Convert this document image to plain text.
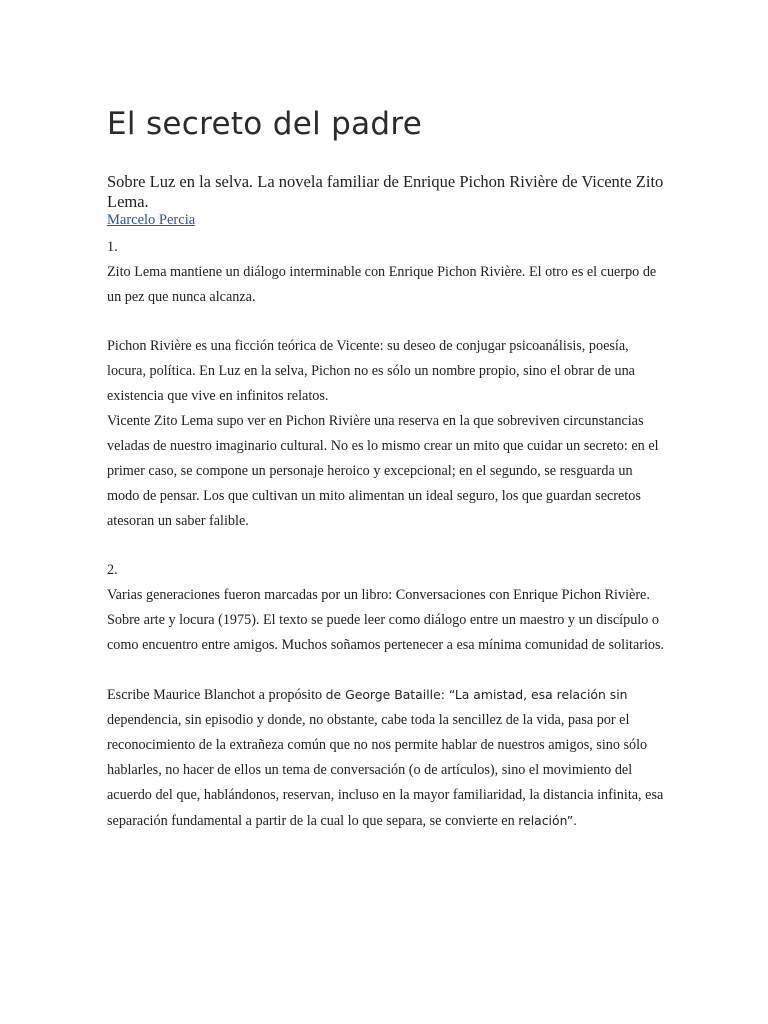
El secreto del padre

Sobre Luz en la selva. La novela familiar de Enrique Pichon Rivière de Vicente Zito Lema.

Marcelo Percia

1.

Zito Lema mantiene un diálogo interminable con Enrique Pichon Rivière. El otro es el cuerpo de un pez que nunca alcanza.

Pichon Rivière es una ficción teórica de Vicente: su deseo de conjugar psicoanálisis, poesía, locura, política. En Luz en la selva, Pichon no es sólo un nombre propio, sino el obrar de una existencia que vive en infinitos relatos.

Vicente Zito Lema supo ver en Pichon Rivière una reserva en la que sobreviven circunstancias veladas de nuestro imaginario cultural. No es lo mismo crear un mito que cuidar un secreto: en el primer caso, se compone un personaje heroico y excepcional; en el segundo, se resguarda un modo de pensar. Los que cultivan un mito alimentan un ideal seguro, los que guardan secretos atesoran un saber falible.

2.

Varias generaciones fueron marcadas por un libro: Conversaciones con Enrique Pichon Rivière. Sobre arte y locura (1975). El texto se puede leer como diálogo entre un maestro y un discípulo o como encuentro entre amigos. Muchos soñamos pertenecer a esa mínima comunidad de solitarios.

Escribe Maurice Blanchot a propósito de George Bataille: “La amistad, esa relación sin dependencia, sin episodio y donde, no obstante, cabe toda la sencillez de la vida, pasa por el reconocimiento de la extrañeza común que no nos permite hablar de nuestros amigos, sino sólo hablarles, no hacer de ellos un tema de conversación (o de artículos), sino el movimiento del acuerdo del que, hablándonos, reservan, incluso en la mayor familiaridad, la distancia infinita, esa separación fundamental a partir de la cual lo que separa, se convierte en relación”.
